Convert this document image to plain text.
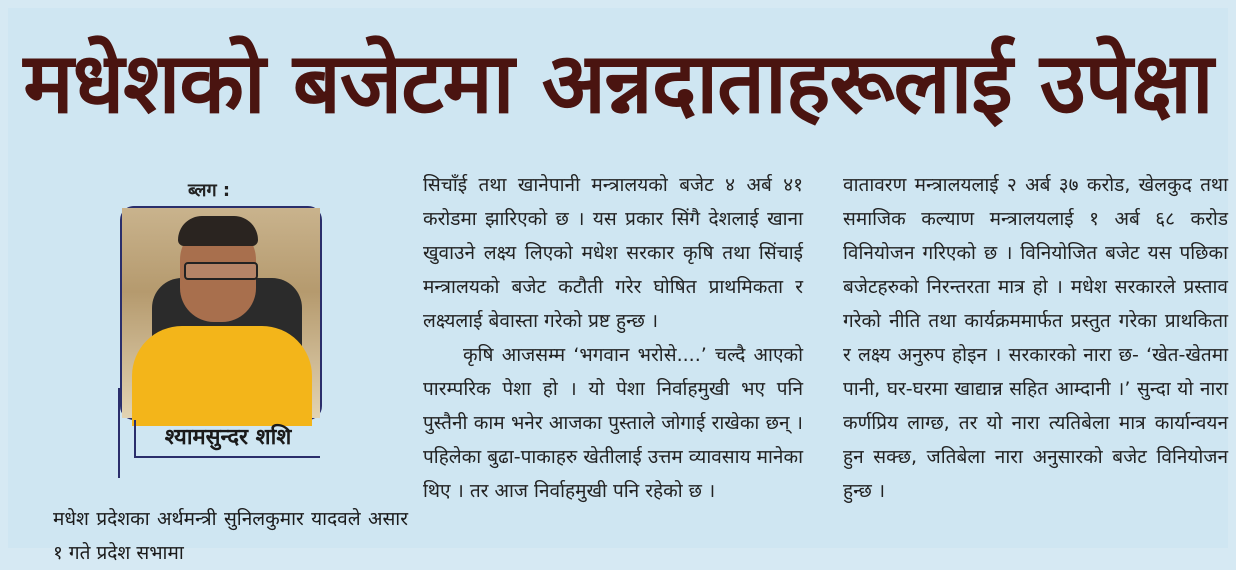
मधेशको बजेटमा अन्नदाताहरूलाई उपेक्षा
ब्लग :
श्यामसुन्दर शशि

मधेश प्रदेशका अर्थमन्त्री सुनिलकुमार यादवले असार १ गते प्रदेश सभामा

सिचाँई तथा खानेपानी मन्त्रालयको बजेट ४ अर्ब ४१ करोडमा झारिएको छ । यस प्रकार सिंगै देशलाई खाना खुवाउने लक्ष्य लिएको मधेश सरकार कृषि तथा सिंचाई मन्त्रालयको बजेट कटौती गरेर घोषित प्राथमिकता र लक्ष्यलाई बेवास्ता गरेको प्रष्ट हुन्छ ।

कृषि आजसम्म ‘भगवान भरोसे....’ चल्दै आएको पारम्परिक पेशा हो । यो पेशा निर्वाहमुखी भए पनि पुस्तैनी काम भनेर आजका पुस्ताले जोगाई राखेका छन् । पहिलेका बुढा-पाकाहरु खेतीलाई उत्तम व्यावसाय मानेका थिए । तर आज निर्वाहमुखी पनि रहेको छ ।

वातावरण मन्त्रालयलाई २ अर्ब ३७ करोड, खेलकुद तथा समाजिक कल्याण मन्त्रालयलाई १ अर्ब ६८ करोड विनियोजन गरिएको छ । विनियोजित बजेट यस पछिका बजेटहरुको निरन्तरता मात्र हो । मधेश सरकारले प्रस्ताव गरेको नीति तथा कार्यक्रममार्फत प्रस्तुत गरेका प्राथकिता र लक्ष्य अनुरुप होइन । सरकारको नारा छ- ‘खेत-खेतमा पानी, घर-घरमा खाद्यान्न सहित आम्दानी ।’ सुन्दा यो नारा कर्णप्रिय लाग्छ, तर यो नारा त्यतिबेला मात्र कार्यान्वयन हुन सक्छ, जतिबेला नारा अनुसारको बजेट विनियोजन हुन्छ ।
